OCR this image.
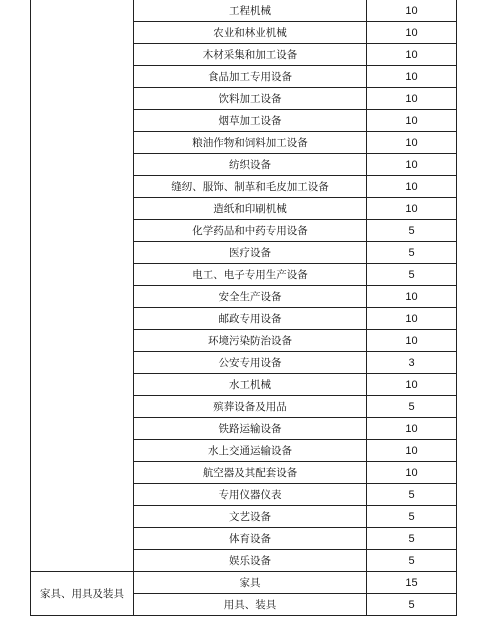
	工程机械	10
	农业和林业机械	10
	木材采集和加工设备	10
	食品加工专用设备	10
	饮料加工设备	10
	烟草加工设备	10
	粮油作物和饲料加工设备	10
	纺织设备	10
	缝纫、服饰、制革和毛皮加工设备	10
	造纸和印刷机械	10
	化学药品和中药专用设备	5
	医疗设备	5
	电工、电子专用生产设备	5
	安全生产设备	10
	邮政专用设备	10
	环境污染防治设备	10
	公安专用设备	3
	水工机械	10
	殡葬设备及用品	5
	铁路运输设备	10
	水上交通运输设备	10
	航空器及其配套设备	10
	专用仪器仪表	5
	文艺设备	5
	体育设备	5
	娱乐设备	5
家具、用具及装具	家具	15
	用具、装具	5
